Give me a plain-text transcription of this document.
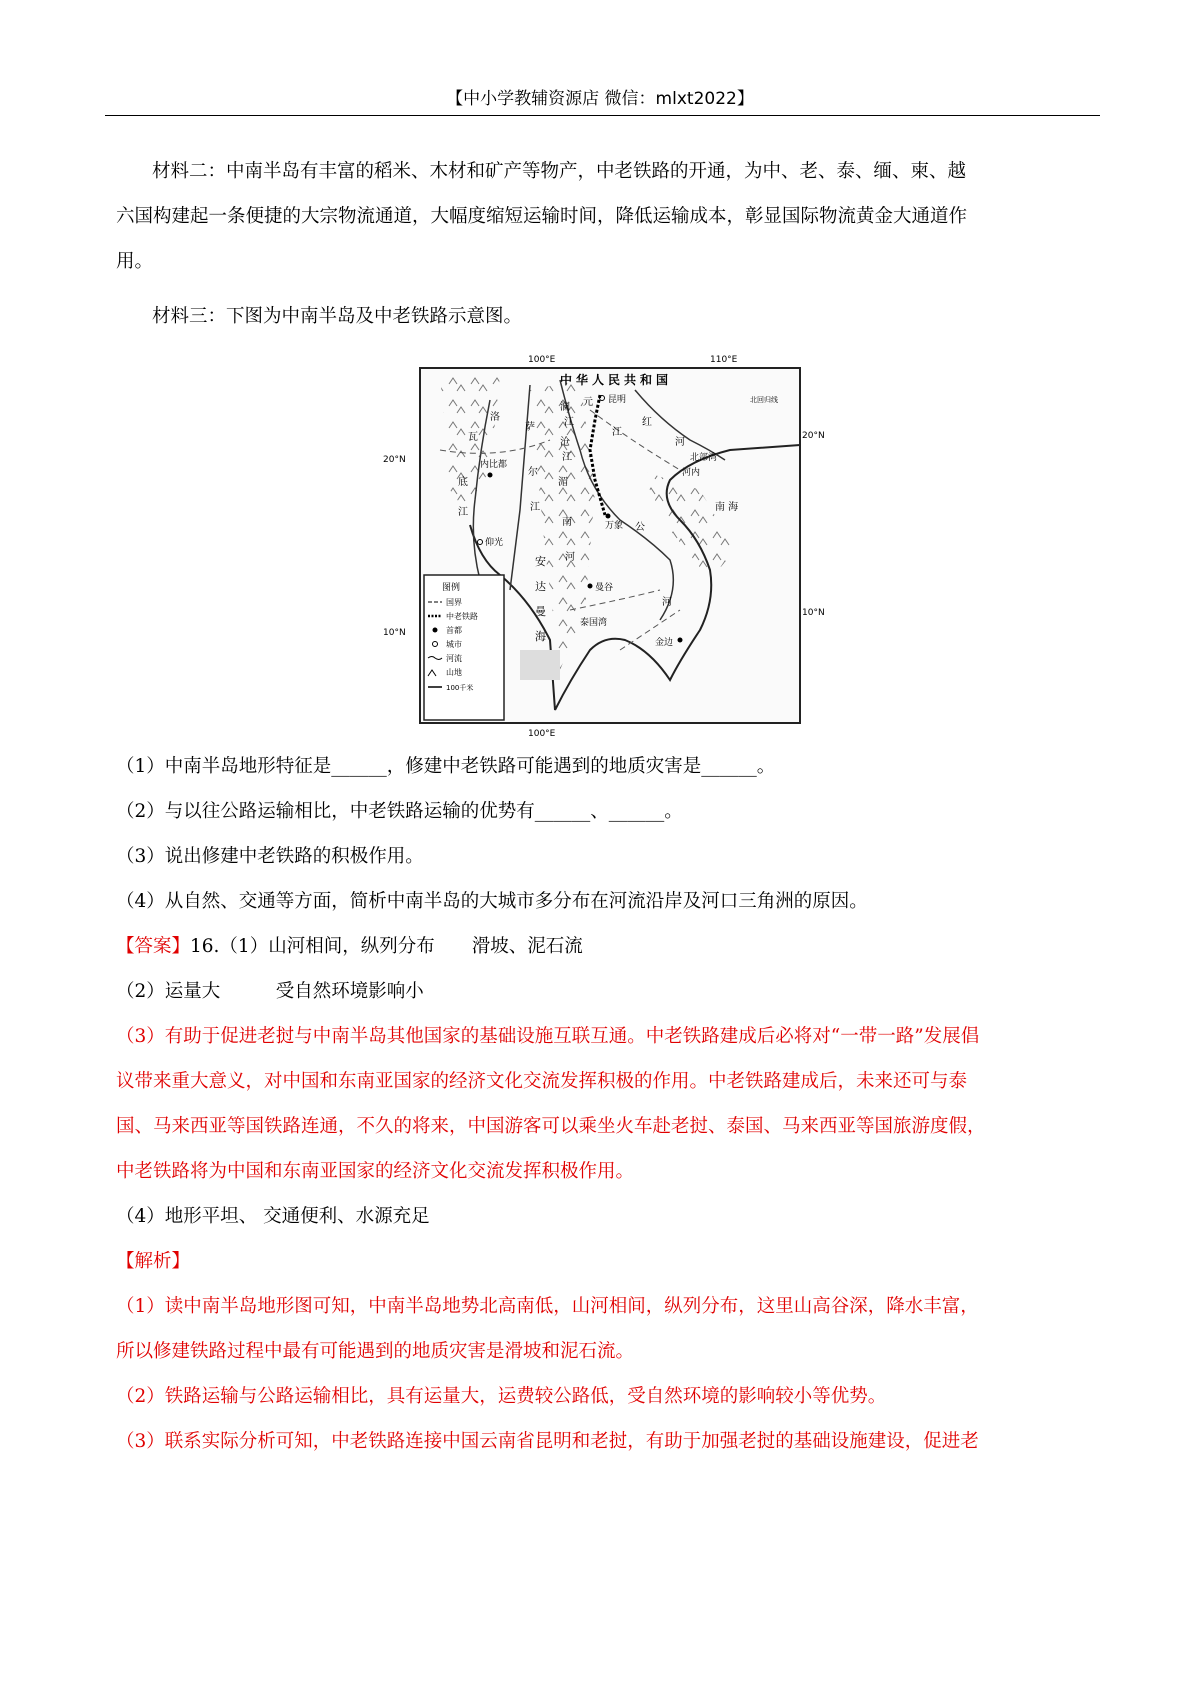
【中小学教辅资源店 微信：mlxt2022】
材料二：中南半岛有丰富的稻米、木材和矿产等物产，中老铁路的开通，为中、老、泰、缅、柬、越
六国构建起一条便捷的大宗物流通道，大幅度缩短运输时间，降低运输成本，彰显国际物流黄金大通道作
用。
材料三：下图为中南半岛及中老铁路示意图。
100°E	110°E
100°E
20°N
20°N
10°N
10°N
中华人民共和国
昆明	北回归线
元
澜
江
沧
江
江
红
河
北部湾
河内
洛
萨
尔
江
瓦
底
江
内比都
仰光
湄
公
南
河
万象
南 海
安
达
曼
海
曼谷
泰国湾
金边
河
图例
国界
中老铁路
首都
城市
河流
山地
100千米
（1）中南半岛地形特征是______，修建中老铁路可能遇到的地质灾害是______。
（2）与以往公路运输相比，中老铁路运输的优势有______、______。
（3）说出修建中老铁路的积极作用。
（4）从自然、交通等方面，简析中南半岛的大城市多分布在河流沿岸及河口三角洲的原因。
【答案】16.（1）山河相间，纵列分布　　滑坡、泥石流
（2）运量大　　　受自然环境影响小
（3）有助于促进老挝与中南半岛其他国家的基础设施互联互通。中老铁路建成后必将对“一带一路”发展倡
议带来重大意义，对中国和东南亚国家的经济文化交流发挥积极的作用。中老铁路建成后，未来还可与泰
国、马来西亚等国铁路连通，不久的将来，中国游客可以乘坐火车赴老挝、泰国、马来西亚等国旅游度假，
中老铁路将为中国和东南亚国家的经济文化交流发挥积极作用。
（4）地形平坦、 交通便利、水源充足
【解析】
（1）读中南半岛地形图可知，中南半岛地势北高南低，山河相间，纵列分布，这里山高谷深，降水丰富，
所以修建铁路过程中最有可能遇到的地质灾害是滑坡和泥石流。
（2）铁路运输与公路运输相比，具有运量大，运费较公路低，受自然环境的影响较小等优势。
（3）联系实际分析可知，中老铁路连接中国云南省昆明和老挝，有助于加强老挝的基础设施建设，促进老
